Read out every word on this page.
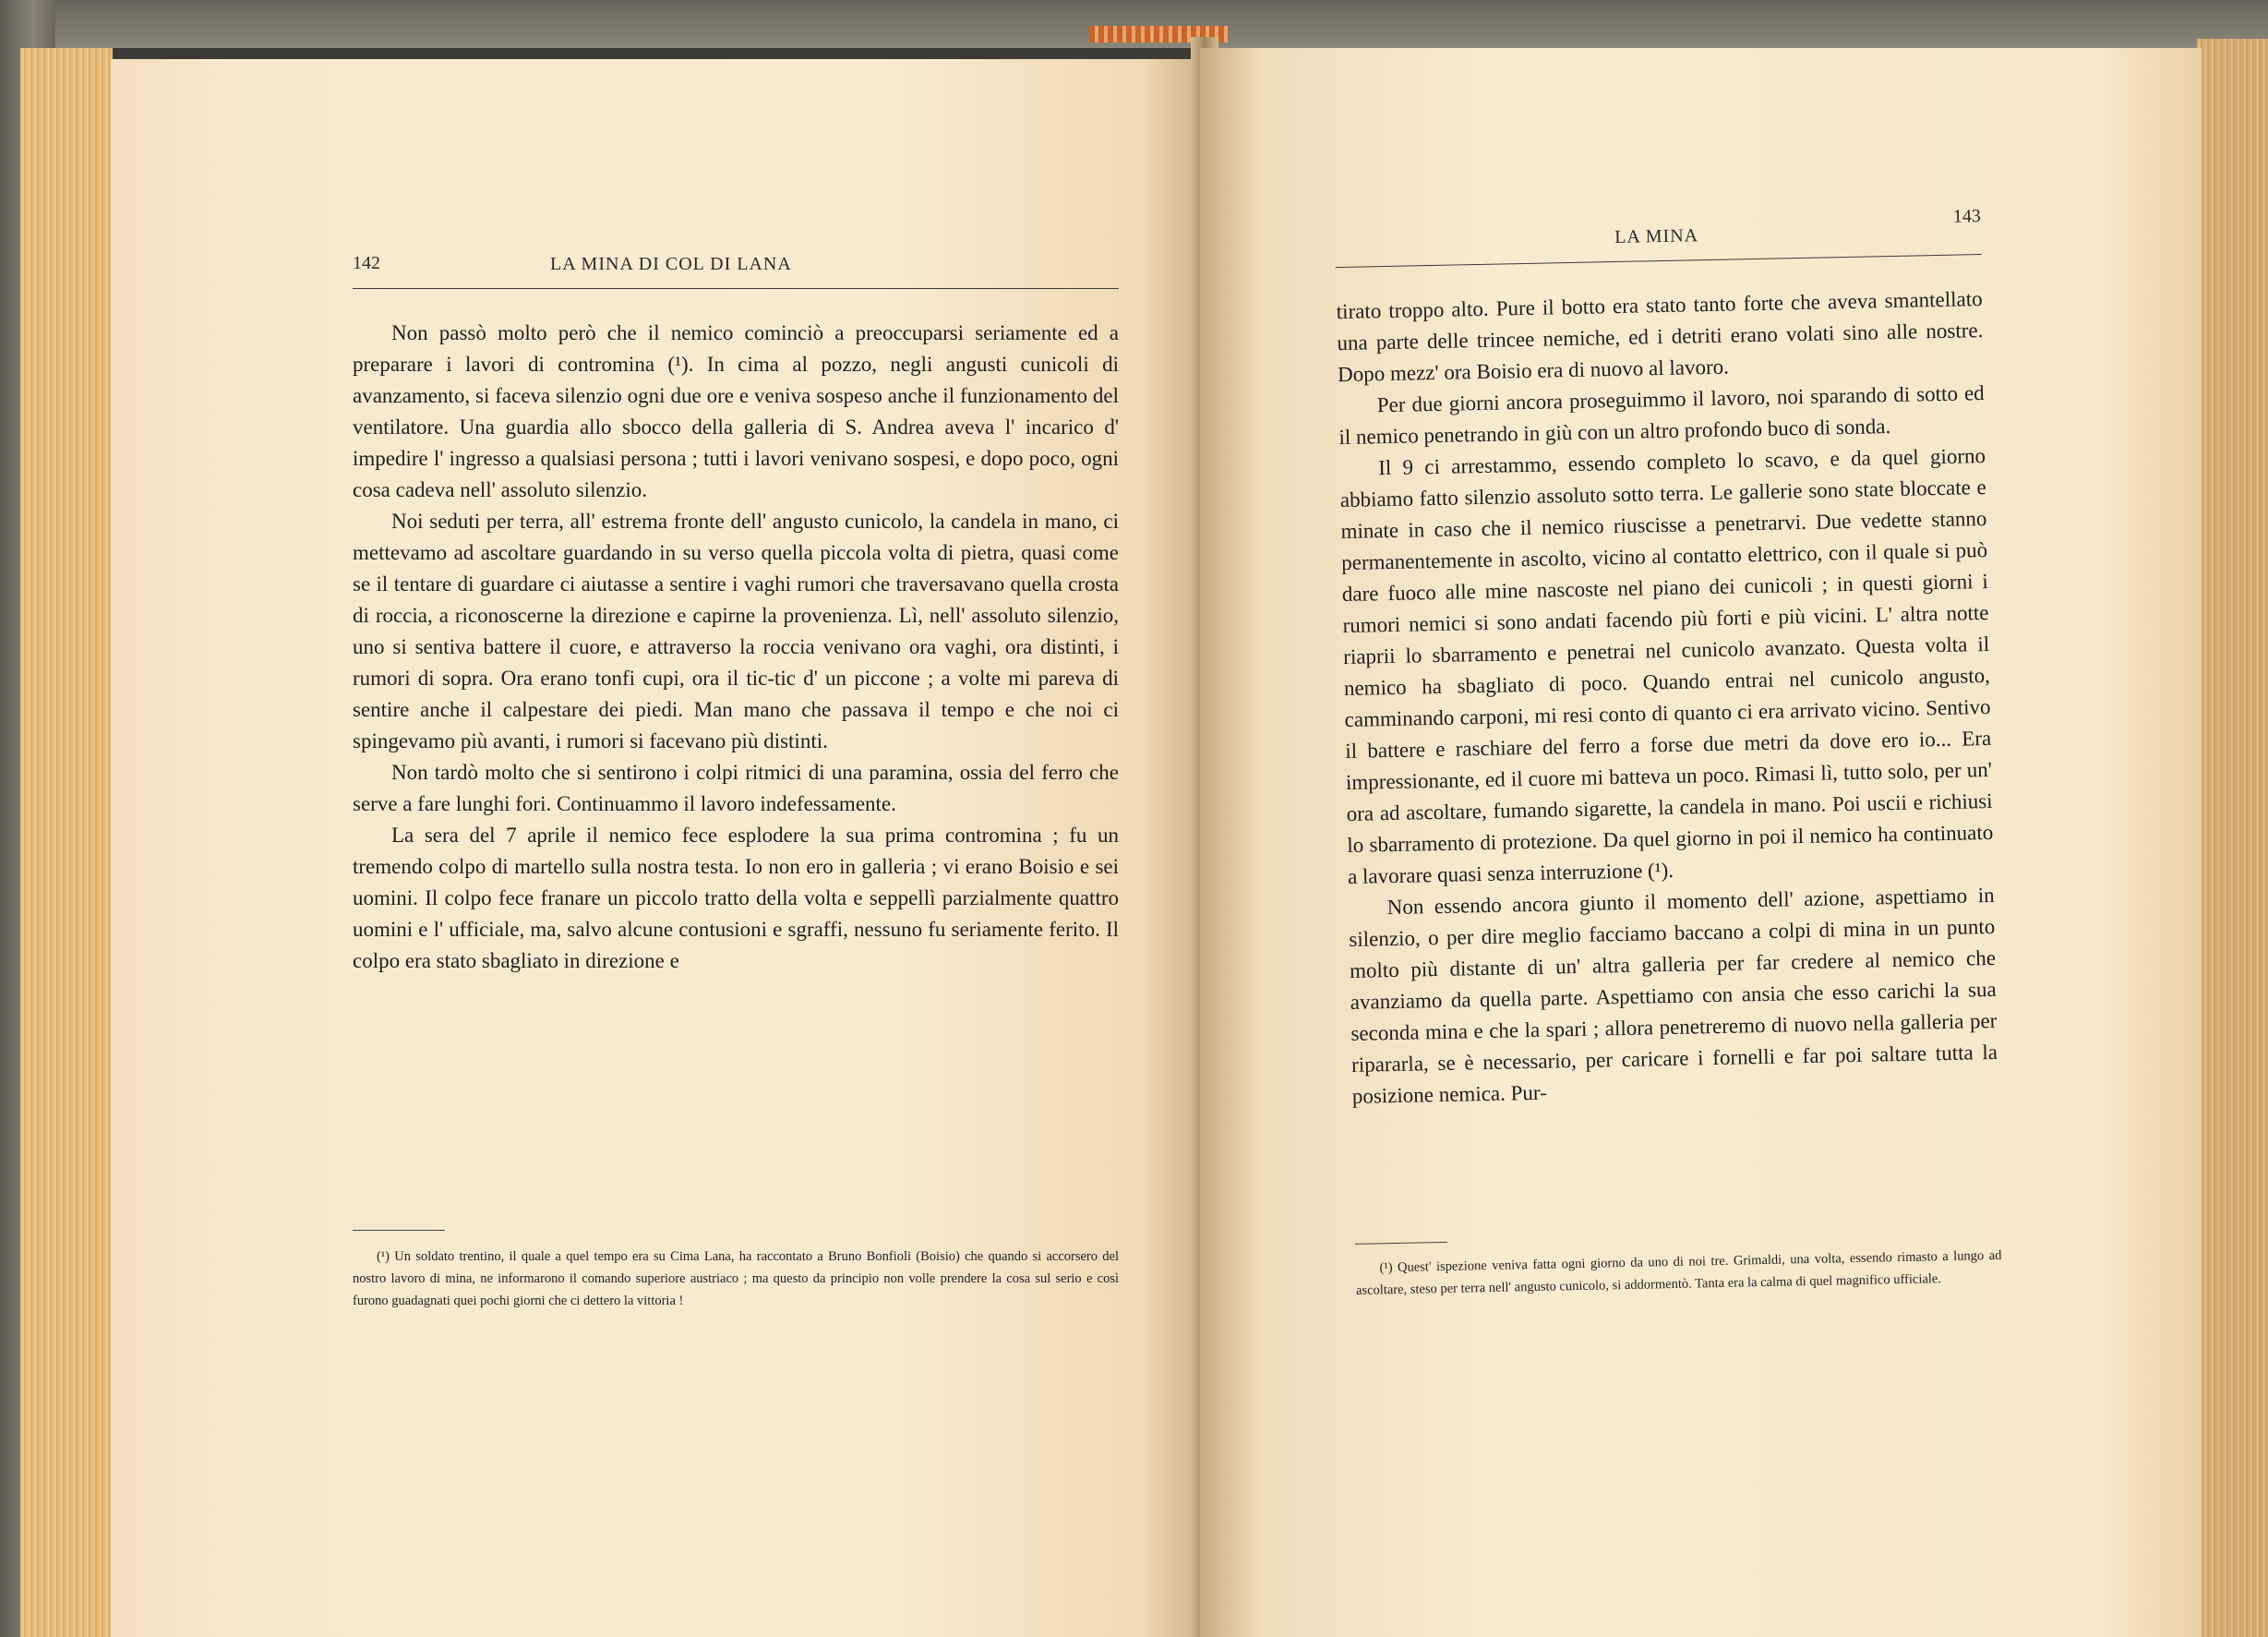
142	LA MINA DI COL DI LANA

Non passò molto però che il nemico cominciò a preoccuparsi seriamente ed a preparare i lavori di contromina (¹). In cima al pozzo, negli angusti cunicoli di avanzamento, si faceva silenzio ogni due ore e veniva sospeso anche il funzionamento del ventilatore. Una guardia allo sbocco della galleria di S. Andrea aveva l' incarico d' impedire l' ingresso a qualsiasi persona ; tutti i lavori venivano sospesi, e dopo poco, ogni cosa cadeva nell' assoluto silenzio.

Noi seduti per terra, all' estrema fronte dell' angusto cunicolo, la candela in mano, ci mettevamo ad ascoltare guardando in su verso quella piccola volta di pietra, quasi come se il tentare di guardare ci aiutasse a sentire i vaghi rumori che traversavano quella crosta di roccia, a riconoscerne la direzione e capirne la provenienza. Lì, nell' assoluto silenzio, uno si sentiva battere il cuore, e attraverso la roccia venivano ora vaghi, ora distinti, i rumori di sopra. Ora erano tonfi cupi, ora il tic-tic d' un piccone ; a volte mi pareva di sentire anche il calpestare dei piedi. Man mano che passava il tempo e che noi ci spingevamo più avanti, i rumori si facevano più distinti.

Non tardò molto che si sentirono i colpi ritmici di una paramina, ossia del ferro che serve a fare lunghi fori. Continuammo il lavoro indefessamente.

La sera del 7 aprile il nemico fece esplodere la sua prima contromina ; fu un tremendo colpo di martello sulla nostra testa. Io non ero in galleria ; vi erano Boisio e sei uomini. Il colpo fece franare un piccolo tratto della volta e seppellì parzialmente quattro uomini e l' ufficiale, ma, salvo alcune contusioni e sgraffi, nessuno fu seriamente ferito. Il colpo era stato sbagliato in direzione e

(¹) Un soldato trentino, il quale a quel tempo era su Cima Lana, ha raccontato a Bruno Bonfioli (Boisio) che quando si accorsero del nostro lavoro di mina, ne informarono il comando superiore austriaco ; ma questo da principio non volle prendere la cosa sul serio e così furono guadagnati quei pochi giorni che ci dettero la vittoria !

LA MINA
143

tirato troppo alto. Pure il botto era stato tanto forte che aveva smantellato una parte delle trincee nemiche, ed i detriti erano volati sino alle nostre. Dopo mezz' ora Boisio era di nuovo al lavoro.

Per due giorni ancora proseguimmo il lavoro, noi sparando di sotto ed il nemico penetrando in giù con un altro profondo buco di sonda.

Il 9 ci arrestammo, essendo completo lo scavo, e da quel giorno abbiamo fatto silenzio assoluto sotto terra. Le gallerie sono state bloccate e minate in caso che il nemico riuscisse a penetrarvi. Due vedette stanno permanentemente in ascolto, vicino al contatto elettrico, con il quale si può dare fuoco alle mine nascoste nel piano dei cunicoli ; in questi giorni i rumori nemici si sono andati facendo più forti e più vicini. L' altra notte riaprii lo sbarramento e penetrai nel cunicolo avanzato. Questa volta il nemico ha sbagliato di poco. Quando entrai nel cunicolo angusto, camminando carponi, mi resi conto di quanto ci era arrivato vicino. Sentivo il battere e raschiare del ferro a forse due metri da dove ero io... Era impressionante, ed il cuore mi batteva un poco. Rimasi lì, tutto solo, per un' ora ad ascoltare, fumando sigarette, la candela in mano. Poi uscii e richiusi lo sbarramento di protezione. Da quel giorno in poi il nemico ha continuato a lavorare quasi senza interruzione (¹).

Non essendo ancora giunto il momento dell' azione, aspettiamo in silenzio, o per dire meglio facciamo baccano a colpi di mina in un punto molto più distante di un' altra galleria per far credere al nemico che avanziamo da quella parte. Aspettiamo con ansia che esso carichi la sua seconda mina e che la spari ; allora penetreremo di nuovo nella galleria per ripararla, se è necessario, per caricare i fornelli e far poi saltare tutta la posizione nemica. Pur-

(¹) Quest' ispezione veniva fatta ogni giorno da uno di noi tre. Grimaldi, una volta, essendo rimasto a lungo ad ascoltare, steso per terra nell' angusto cunicolo, si addormentò. Tanta era la calma di quel magnifico ufficiale.
